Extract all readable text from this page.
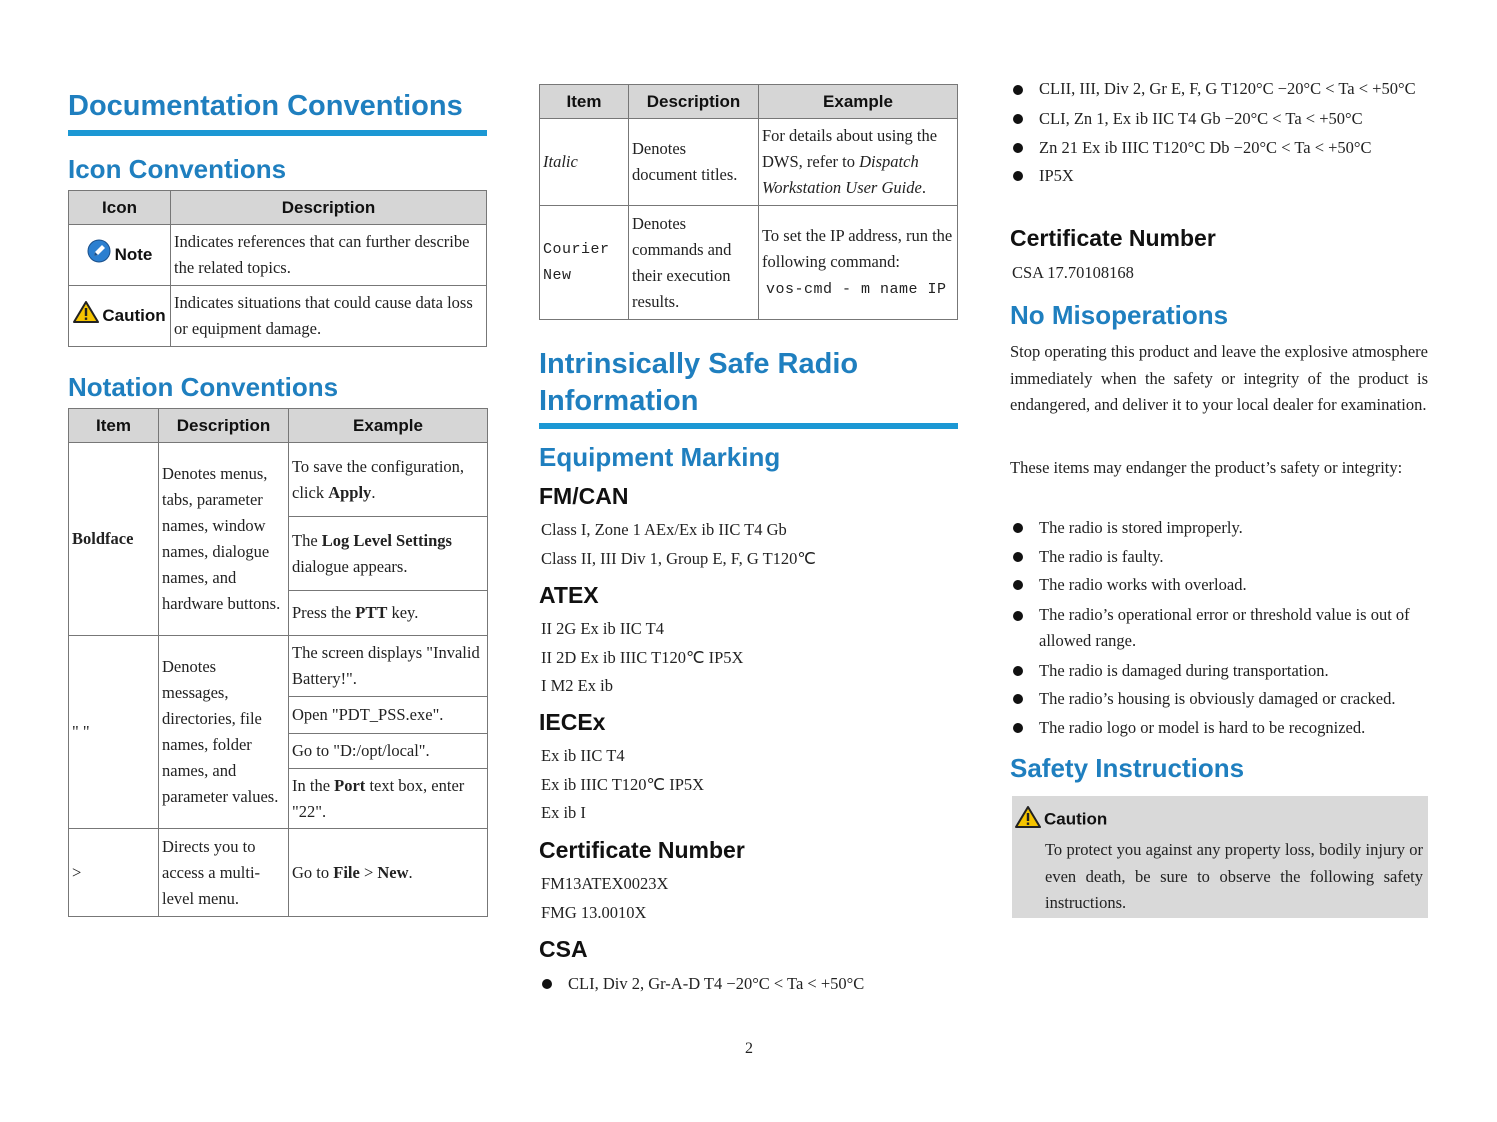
Documentation Conventions
Icon Conventions
Icon	Description
Note	Indicates references that can further describe the related topics.
Caution	Indicates situations that could cause data loss or equipment damage.
Notation Conventions
Item	Description	Example
Boldface	Denotes menus, tabs, parameter names, window names, dialogue names, and hardware buttons.	To save the configuration, click Apply.
		The Log Level Settings dialogue appears.
		Press the PTT key.
" "	Denotes messages, directories, file names, folder names, and parameter values.	The screen displays "Invalid Battery!".
		Open "PDT_PSS.exe".
		Go to "D:/opt/local".
		In the Port text box, enter "22".
>	Directs you to access a multi-level menu.	Go to File > New.
Item	Description	Example
Italic	Denotes document titles.	For details about using the DWS, refer to Dispatch Workstation User Guide.
Courier New	Denotes commands and their execution results.	To set the IP address, run the following command:
vos-cmd - m name IP
Intrinsically Safe Radio Information
Equipment Marking
FM/CAN

Class I, Zone 1 AEx/Ex ib IIC T4 Gb

Class II, III Div 1, Group E, F, G T120℃

ATEX

II 2G Ex ib IIC T4

II 2D Ex ib IIIC T120℃ IP5X

I M2 Ex ib

IECEx

Ex ib IIC T4

Ex ib IIIC T120℃ IP5X

Ex ib I

Certificate Number

FM13ATEX0023X

FMG 13.0010X

CSA
CLI, Div 2, Gr-A-D T4 −20°C < Ta < +50°C
2
CLII, III, Div 2, Gr E, F, G T120°C −20°C < Ta < +50°C
CLI, Zn 1, Ex ib IIC T4 Gb −20°C < Ta < +50°C
Zn 21 Ex ib IIIC T120°C Db −20°C < Ta < +50°C
IP5X
Certificate Number

CSA 17.70108168

No Misoperations

Stop operating this product and leave the explosive atmosphere immediately when the safety or integrity of the product is endangered, and deliver it to your local dealer for examination.

These items may endanger the product’s safety or integrity:

The radio is stored improperly.
The radio is faulty.
The radio works with overload.
The radio’s operational error or threshold value is out of allowed range.
The radio is damaged during transportation.
The radio’s housing is obviously damaged or cracked.
The radio logo or model is hard to be recognized.
Safety Instructions
Caution

To protect you against any property loss, bodily injury or even death, be sure to observe the following safety instructions.
